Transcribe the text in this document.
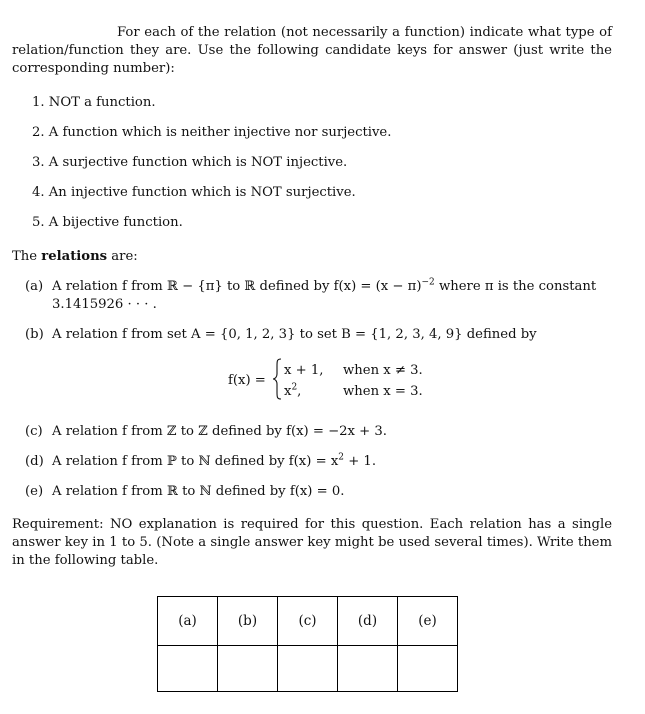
For each of the relation (not necessarily a function) indicate what type of relation/function they are. Use the following candidate keys for answer (just write the corresponding number):
1. NOT a function.
2. A function which is neither injective nor surjective.
3. A surjective function which is NOT injective.
4. An injective function which is NOT surjective.
5. A bijective function.
The relations are:
(a) A relation f from ℝ − {π} to ℝ defined by $f(x) = (x - \pi)^{-2}$ where π is the constant
3.1415926 · · · .
(b) A relation f from set A = {0, 1, 2, 3} to set B = {1, 2, 3, 4, 9} defined by
f(x) =
x + 1, when x ≠ 3.
$x^2$,	when x = 3.
(c) A relation f from ℤ to ℤ defined by f(x) = −2x + 3.
(d) A relation f from ℙ to ℕ defined by $f(x) = x^2 + 1$.
(e) A relation f from ℝ to ℕ defined by f(x) = 0.
Requirement: NO explanation is required for this question. Each relation has a single answer key in 1 to 5. (Note a single answer key might be used several times). Write them in the following table.
(a)	(b)	(c)	(d)	(e)
